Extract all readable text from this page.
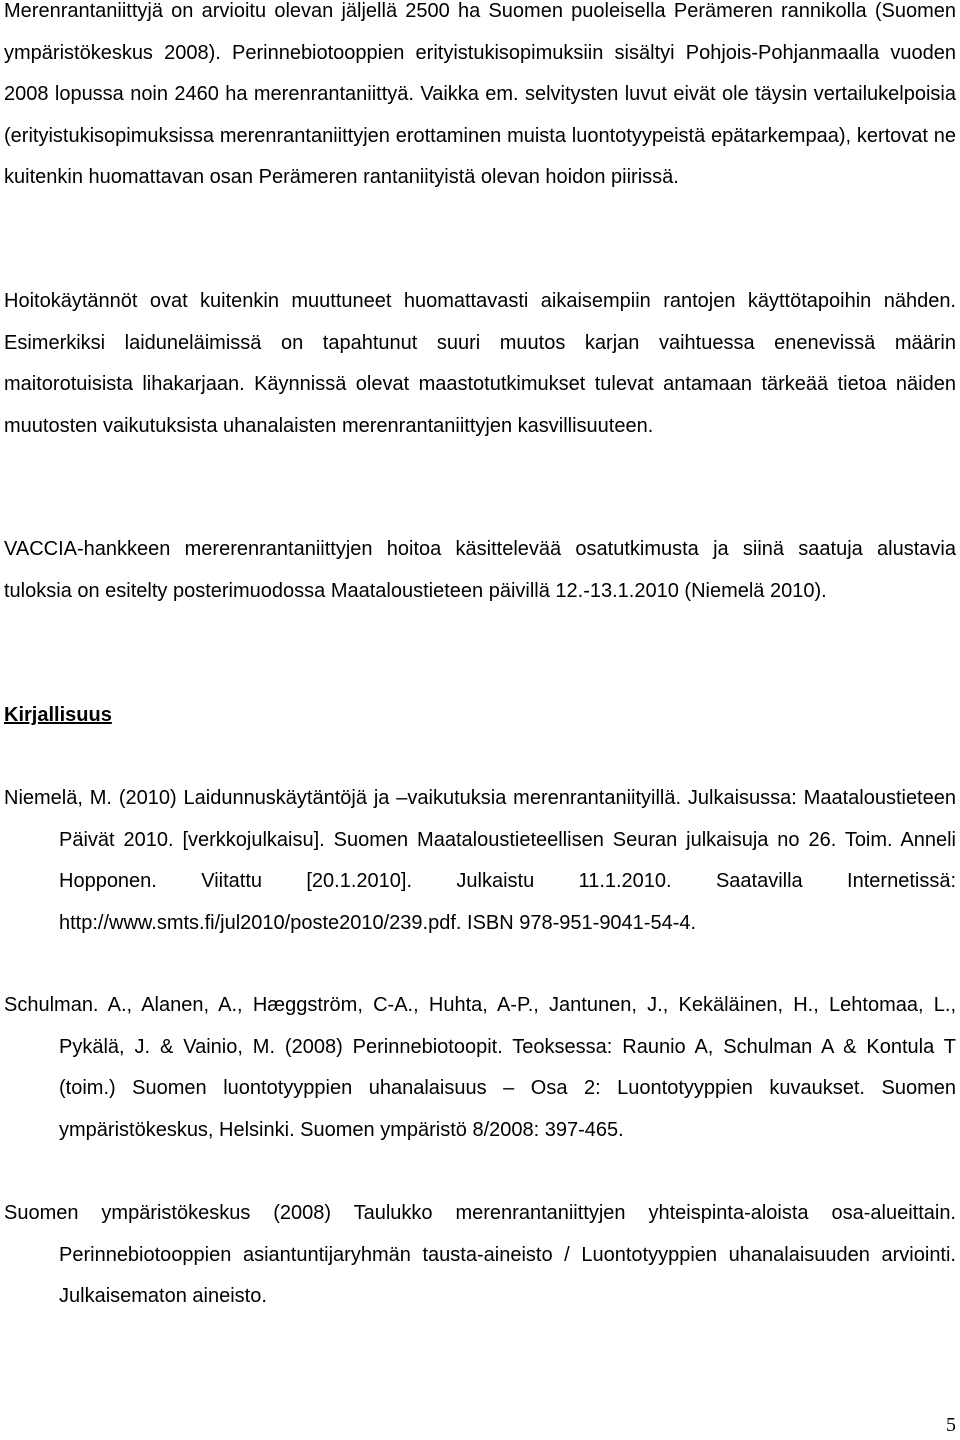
Merenrantaniittyjä on arvioitu olevan jäljellä 2500 ha Suomen puoleisella Perämeren rannikolla (Suomen ympäristökeskus 2008). Perinnebiotooppien erityistukisopimuksiin sisältyi Pohjois-Pohjanmaalla vuoden 2008 lopussa noin 2460 ha merenrantaniittyä. Vaikka em. selvitysten luvut eivät ole täysin vertailukelpoisia (erityistukisopimuksissa merenrantaniittyjen erottaminen muista luontotyypeistä epätarkempaa), kertovat ne kuitenkin huomattavan osan Perämeren rantaniityistä olevan hoidon piirissä.

Hoitokäytännöt ovat kuitenkin muuttuneet huomattavasti aikaisempiin rantojen käyttötapoihin nähden. Esimerkiksi laiduneläimissä on tapahtunut suuri muutos karjan vaihtuessa enenevissä määrin maitorotuisista lihakarjaan. Käynnissä olevat maastotutkimukset tulevat antamaan tärkeää tietoa näiden muutosten vaikutuksista uhanalaisten merenrantaniittyjen kasvillisuuteen.

VACCIA-hankkeen mererenrantaniittyjen hoitoa käsittelevää osatutkimusta ja siinä saatuja alustavia tuloksia on esitelty posterimuodossa Maataloustieteen päivillä 12.-13.1.2010 (Niemelä 2010).

Kirjallisuus

Niemelä, M. (2010) Laidunnuskäytäntöjä ja –vaikutuksia merenrantaniityillä. Julkaisussa: Maataloustieteen Päivät 2010. [verkkojulkaisu]. Suomen Maataloustieteellisen Seuran julkaisuja no 26. Toim. Anneli Hopponen. Viitattu [20.1.2010]. Julkaistu 11.1.2010. Saatavilla Internetissä: http://www.smts.fi/jul2010/poste2010/239.pdf. ISBN 978-951-9041-54-4.

Schulman. A., Alanen, A., Hæggström, C-A., Huhta, A-P., Jantunen, J., Kekäläinen, H., Lehtomaa, L., Pykälä, J. & Vainio, M. (2008) Perinnebiotoopit. Teoksessa: Raunio A, Schulman A & Kontula T (toim.) Suomen luontotyyppien uhanalaisuus – Osa 2: Luontotyyppien kuvaukset. Suomen ympäristökeskus, Helsinki. Suomen ympäristö 8/2008: 397-465.

Suomen ympäristökeskus (2008) Taulukko merenrantaniittyjen yhteispinta-aloista osa-alueittain. Perinnebiotooppien asiantuntijaryhmän tausta-aineisto / Luontotyyppien uhanalaisuuden arviointi. Julkaisematon aineisto.

5
